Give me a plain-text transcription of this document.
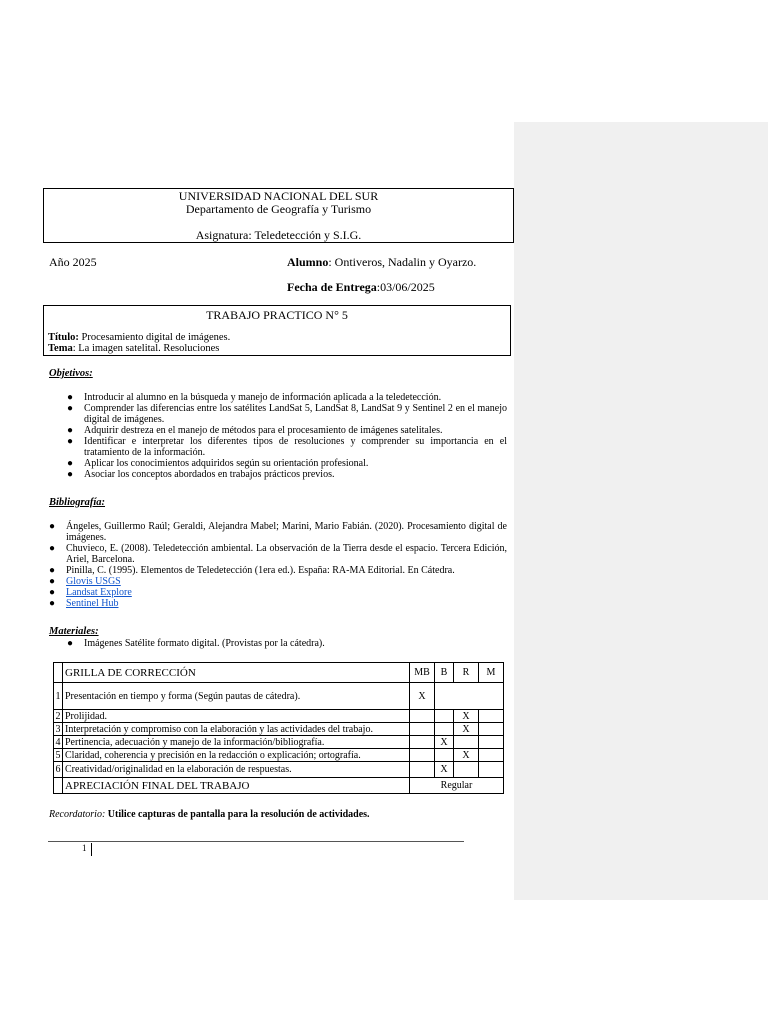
UNIVERSIDAD NACIONAL DEL SUR
Departamento de Geografía y Turismo
Asignatura: Teledetección y S.I.G.
Año 2025	Alumno: Ontiveros, Nadalin y Oyarzo.
Fecha de Entrega:03/06/2025
TRABAJO PRACTICO N° 5
Título: Procesamiento digital de imágenes.
Tema: La imagen satelital. Resoluciones
Objetivos:
● Introducir al alumno en la búsqueda y manejo de información aplicada a la teledetección.
● Comprender las diferencias entre los satélites LandSat 5, LandSat 8, LandSat 9 y Sentinel 2 en el manejo digital de imágenes.
● Adquirir destreza en el manejo de métodos para el procesamiento de imágenes satelitales.
● Identificar e interpretar los diferentes tipos de resoluciones y comprender su importancia en el tratamiento de la información.
● Aplicar los conocimientos adquiridos según su orientación profesional.
● Asociar los conceptos abordados en trabajos prácticos previos.
Bibliografía:
● Ángeles, Guillermo Raúl; Geraldi, Alejandra Mabel; Marini, Mario Fabián. (2020). Procesamiento digital de imágenes.
● Chuvieco, E. (2008). Teledetección ambiental. La observación de la Tierra desde el espacio. Tercera Edición, Ariel, Barcelona.
● Pinilla, C. (1995). Elementos de Teledetección (1era ed.). España: RA-MA Editorial. En Cátedra.
● Glovis USGS
● Landsat Explore
● Sentinel Hub
Materiales:
● Imágenes Satélite formato digital. (Provistas por la cátedra).
	GRILLA DE CORRECCIÓN	MB	B	R	M
1	Presentación en tiempo y forma (Según pautas de cátedra).	X			
2	Prolijidad.			X	
3	Interpretación y compromiso con la elaboración y las actividades del trabajo.			X	
4	Pertinencia, adecuación y manejo de la información/bibliografía.		X		
5	Claridad, coherencia y precisión en la redacción o explicación; ortografía.			X	
6	Creatividad/originalidad en la elaboración de respuestas.		X		
	APRECIACIÓN FINAL DEL TRABAJO	Regular			
Recordatorio: Utilice capturas de pantalla para la resolución de actividades.
1
